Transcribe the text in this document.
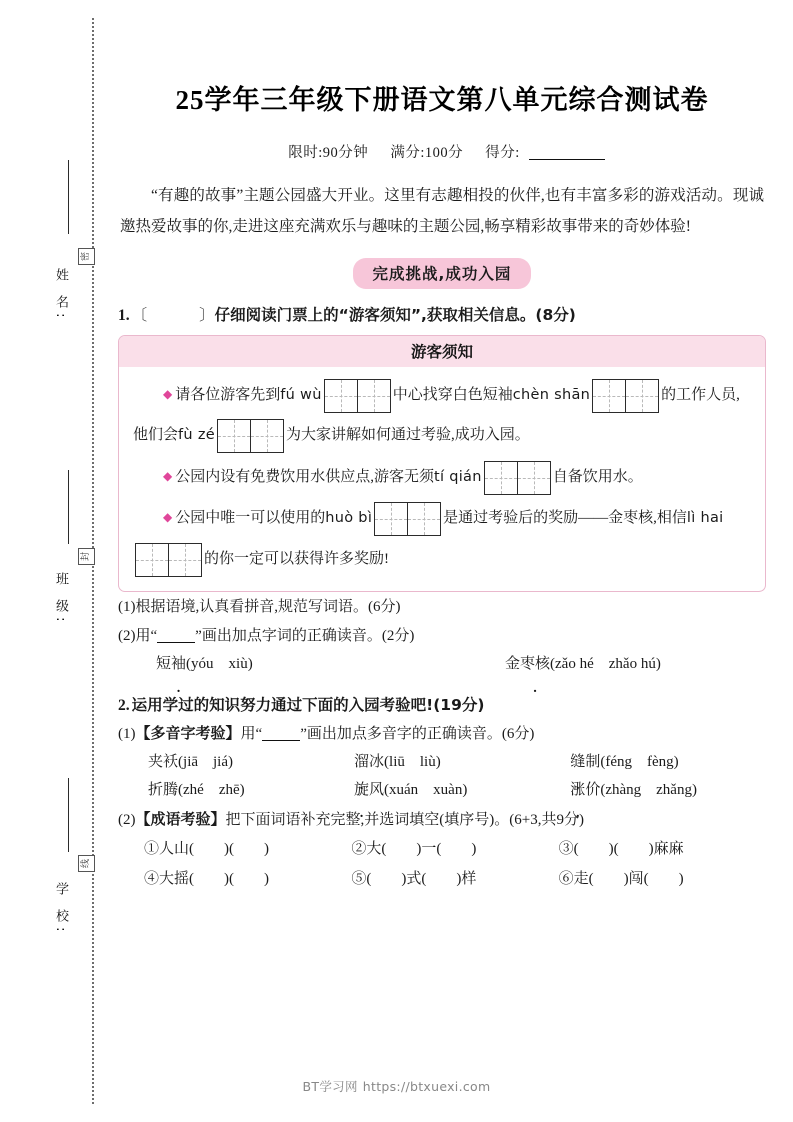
密
封
线
姓 名:
班 级:
学 校:
25学年三年级下册语文第八单元综合测试卷
限时:90分钟 满分:100分 得分:

“有趣的故事”主题公园盛大开业。这里有志趣相投的伙伴,也有丰富多彩的游戏活动。现诚邀热爱故事的你,走进这座充满欢乐与趣味的主题公园,畅享精彩故事带来的奇妙体验!

完成挑战,成功入园
1. 〔	〕仔细阅读门票上的“游客须知”,获取相关信息。(8分)
游客须知
◆ 请各位游客先到fú wù	中心找穿白色短袖chèn shān	的工作人员,他们会fù zé	为大家讲解如何通过考验,成功入园。
◆ 公园内设有免费饮用水供应点,游客无须tí qián	自备饮用水。
◆ 公园中唯一可以使用的huò bì	是通过考验后的奖励——金枣核,相信lì hai的你一定可以获得许多奖励!
(1)根据语境,认真看拼音,规范写词语。(6分)
(2)用“	”画出加点字词的正确读音。(2分)
短袖(yóu　xiù)	金枣核(zǎo hé　zhǎo hú)
2. 运用学过的知识努力通过下面的入园考验吧!(19分)
(1)【多音字考验】用“	”画出加点多音字的正确读音。(6分)
夹袄(jiā　jiá)	溜冰(liū　liù)	缝制(féng　fèng)
折腾(zhé　zhē)	旋风(xuán　xuàn)	涨价(zhàng　zhǎng)
(2)【成语考验】把下面词语补充完整,并选词填空(填序号)。(6+3,共9分)
①人山(　　)(　　)	②大(　　)一(　　)	③(　　)(　　)麻麻
④大摇(　　)(　　)	⑤(　　)式(　　)样	⑥走(　　)闯(　　)
BT学习网 https://btxuexi.com
